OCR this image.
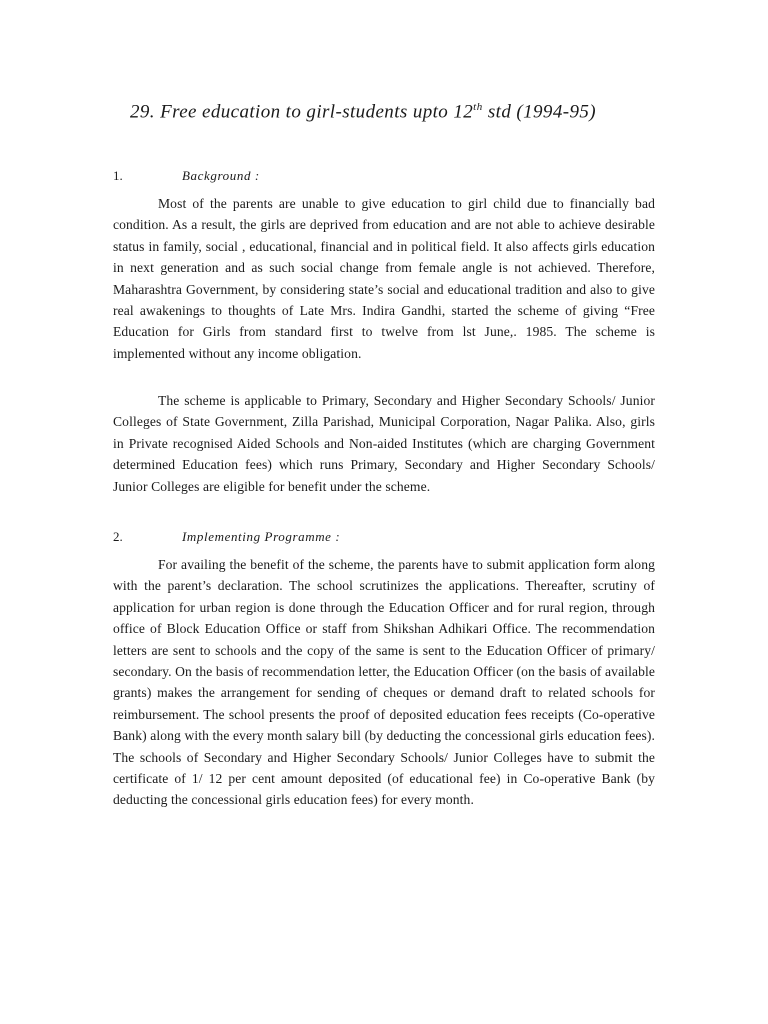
29. Free education to girl-students upto 12th std (1994-95)
1.	Background :

Most of the parents are unable to give education to girl child due to financially bad condition. As a result, the girls are deprived from education and are not able to achieve desirable status in family, social , educational, financial and in political field. It also affects girls education in next generation and as such social change from female angle is not achieved. Therefore, Maharashtra Government, by considering state’s social and educational tradition and also to give real awakenings to thoughts of Late Mrs. Indira Gandhi, started the scheme of giving “Free Education for Girls from standard first to twelve from lst June,. 1985. The scheme is implemented without any income obligation.

The scheme is applicable to Primary, Secondary and Higher Secondary Schools/ Junior Colleges of State Government, Zilla Parishad, Municipal Corporation, Nagar Palika. Also, girls in Private recognised Aided Schools and Non-aided Institutes (which are charging Government determined Education fees) which runs Primary, Secondary and Higher Secondary Schools/ Junior Colleges are eligible for benefit under the scheme.

2.	Implementing Programme :

For availing the benefit of the scheme, the parents have to submit application form along with the parent’s declaration. The school scrutinizes the applications. Thereafter, scrutiny of application for urban region is done through the Education Officer and for rural region, through office of Block Education Office or staff from Shikshan Adhikari Office. The recommendation letters are sent to schools and the copy of the same is sent to the Education Officer of primary/ secondary. On the basis of recommendation letter, the Education Officer (on the basis of available grants) makes the arrangement for sending of cheques or demand draft to related schools for reimbursement. The school presents the proof of deposited education fees receipts (Co-operative Bank) along with the every month salary bill (by deducting the concessional girls education fees). The schools of Secondary and Higher Secondary Schools/ Junior Colleges have to submit the certificate of 1/ 12 per cent amount deposited (of educational fee) in Co-operative Bank (by deducting the concessional girls education fees) for every month.
